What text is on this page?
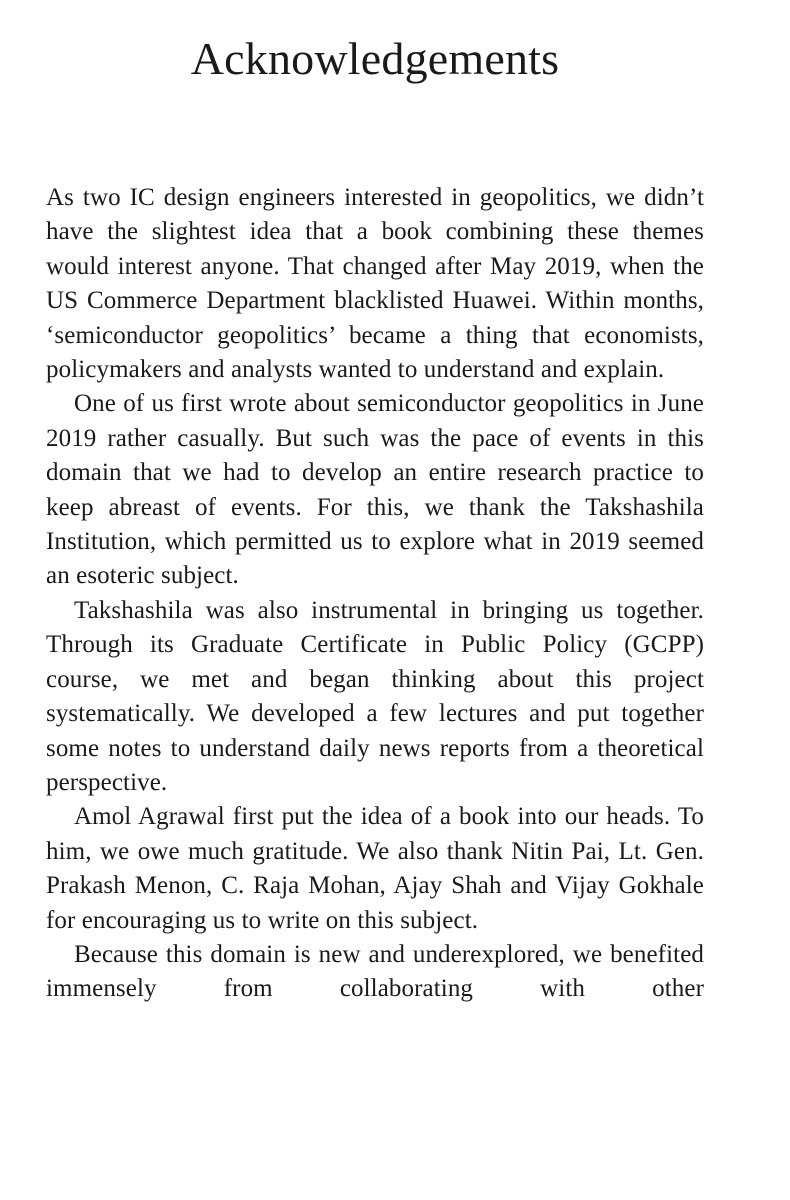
Acknowledgements

As two IC design engineers interested in geopolitics, we didn’t have the slightest idea that a book combining these themes would interest anyone. That changed after May 2019, when the US Commerce Department blacklisted Huawei. Within months, ‘semiconductor geopolitics’ became a thing that economists, policymakers and analysts wanted to understand and explain.

One of us first wrote about semiconductor geopolitics in June 2019 rather casually. But such was the pace of events in this domain that we had to develop an entire research practice to keep abreast of events. For this, we thank the Takshashila Institution, which permitted us to explore what in 2019 seemed an esoteric subject.

Takshashila was also instrumental in bringing us together. Through its Graduate Certificate in Public Policy (GCPP) course, we met and began thinking about this project systematically. We developed a few lectures and put together some notes to understand daily news reports from a theoretical perspective.

Amol Agrawal first put the idea of a book into our heads. To him, we owe much gratitude. We also thank Nitin Pai, Lt. Gen. Prakash Menon, C. Raja Mohan, Ajay Shah and Vijay Gokhale for encouraging us to write on this subject.

Because this domain is new and underexplored, we benefited immensely from collaborating with other
